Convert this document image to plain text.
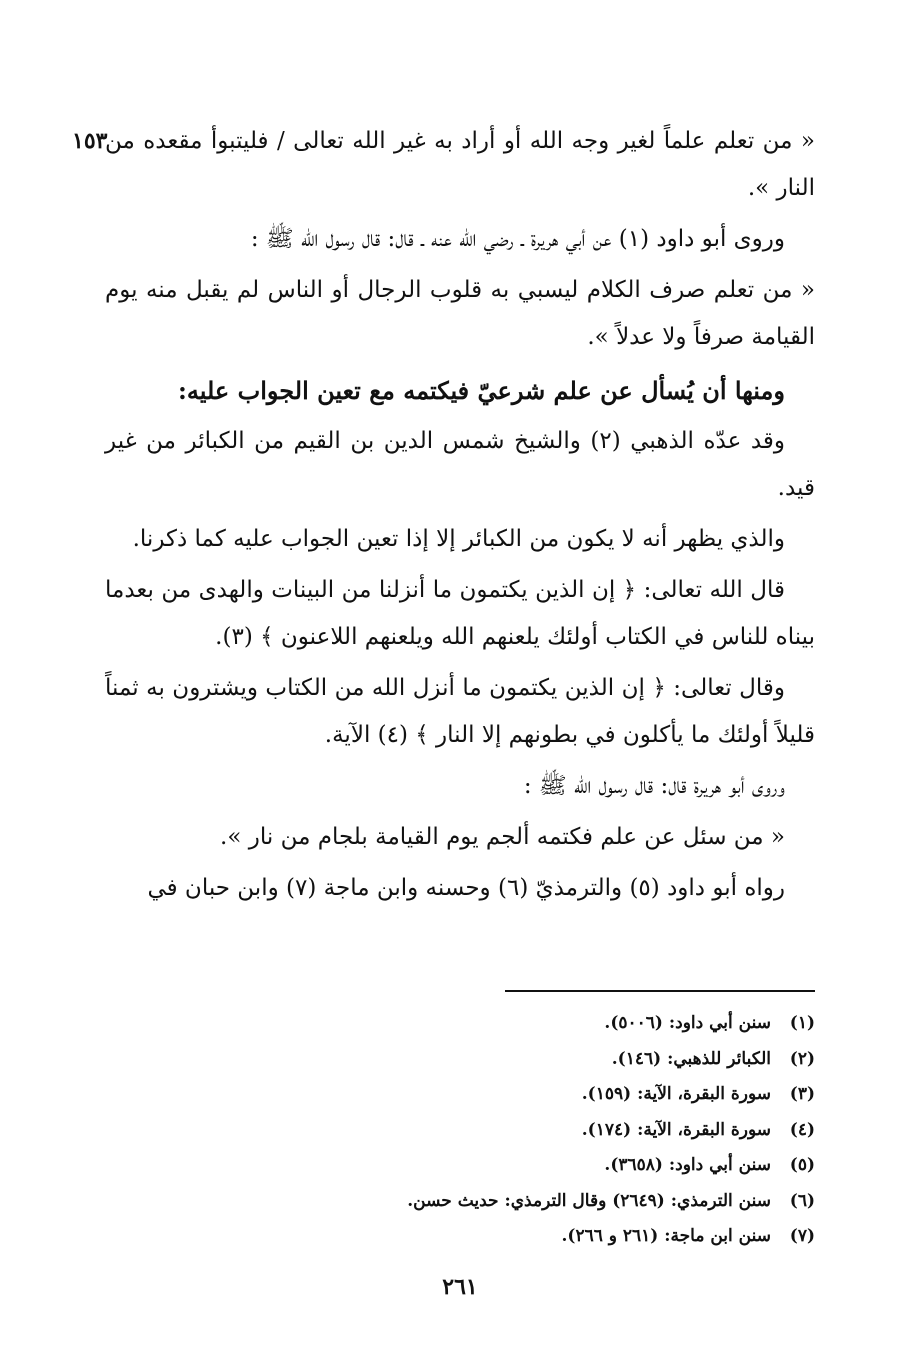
١٥٣

« من تعلم علماً لغير وجه الله أو أراد به غير الله تعالى / فليتبوأ مقعده من النار ».

وروى أبو داود (١) عن أبي هريرة ـ رضي الله عنه ـ قال: قال رسول الله ﷺ :

« من تعلم صرف الكلام ليسبي به قلوب الرجال أو الناس لم يقبل منه يوم القيامة صرفاً ولا عدلاً ».

ومنها أن يُسأل عن علم شرعيّ فيكتمه مع تعين الجواب عليه:

وقد عدّه الذهبي (٢) والشيخ شمس الدين بن القيم من الكبائر من غير قيد.

والذي يظهر أنه لا يكون من الكبائر إلا إذا تعين الجواب عليه كما ذكرنا.

قال الله تعالى: ﴿ إن الذين يكتمون ما أنزلنا من البينات والهدى من بعدما بيناه للناس في الكتاب أولئك يلعنهم الله ويلعنهم اللاعنون ﴾ (٣).

وقال تعالى: ﴿ إن الذين يكتمون ما أنزل الله من الكتاب ويشترون به ثمناً قليلاً أولئك ما يأكلون في بطونهم إلا النار ﴾ (٤) الآية.

وروى أبو هريرة قال: قال رسول الله ﷺ :

« من سئل عن علم فكتمه ألجم يوم القيامة بلجام من نار ».

رواه أبو داود (٥) والترمذيّ (٦) وحسنه وابن ماجة (٧) وابن حبان في

(١)
سنن أبي داود: (٥٠٠٦).
(٢)
الكبائر للذهبي: (١٤٦).
(٣)
سورة البقرة، الآية: (١٥٩).
(٤)
سورة البقرة، الآية: (١٧٤).
(٥)
سنن أبي داود: (٣٦٥٨).
(٦)
سنن الترمذي: (٢٦٤٩) وقال الترمذي: حديث حسن.
(٧)
سنن ابن ماجة: (٢٦١ و ٢٦٦).
٢٦١
